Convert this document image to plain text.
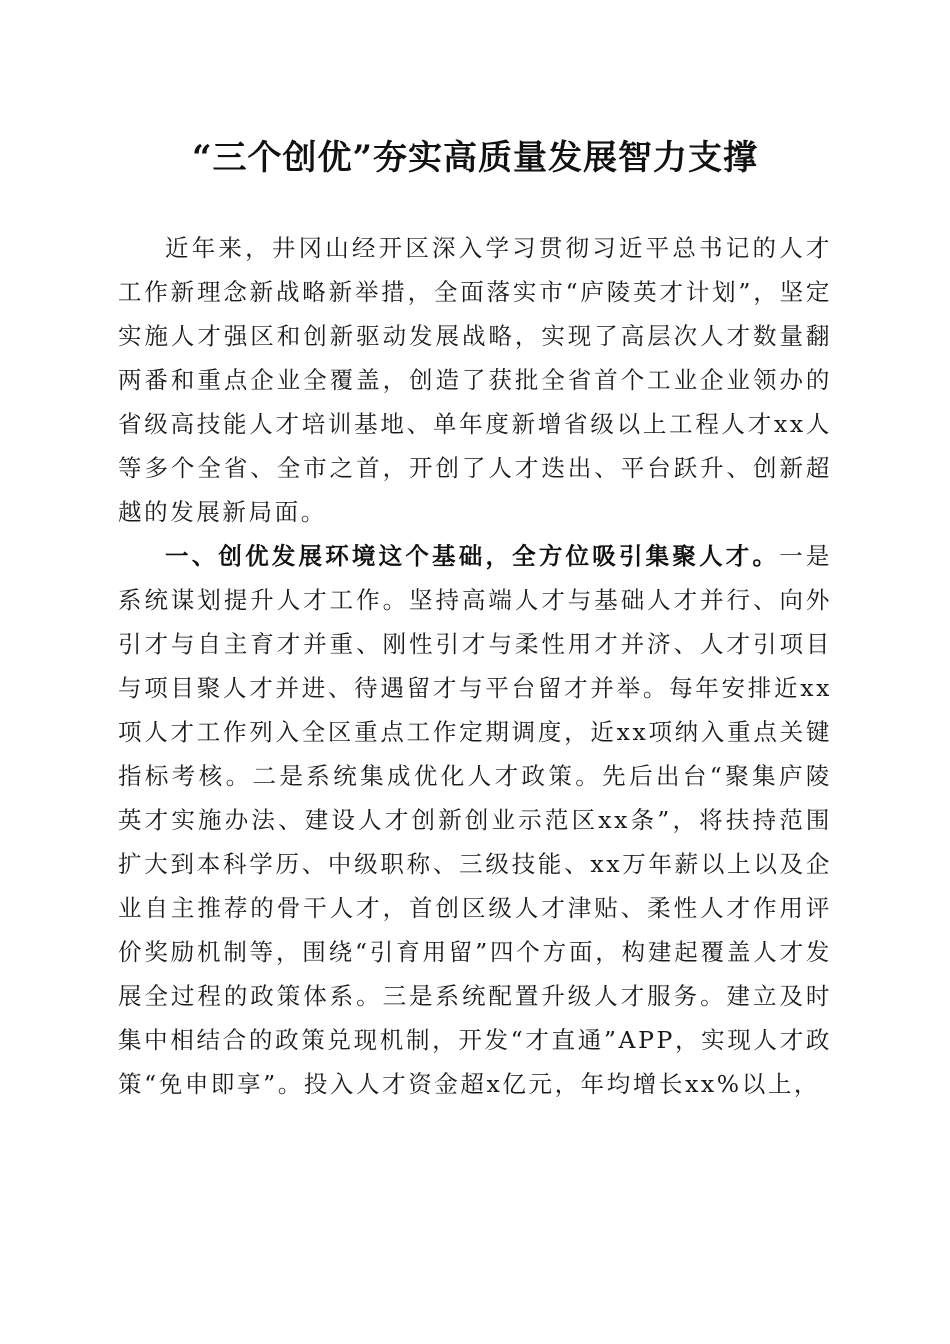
“三个创优”夯实高质量发展智力支撑

近年来，井冈山经开区深入学习贯彻习近平总书记的人才工作新理念新战略新举措，全面落实市“庐陵英才计划”，坚定实施人才强区和创新驱动发展战略，实现了高层次人才数量翻两番和重点企业全覆盖，创造了获批全省首个工业企业领办的省级高技能人才培训基地、单年度新增省级以上工程人才xx人等多个全省、全市之首，开创了人才迭出、平台跃升、创新超越的发展新局面。

一、创优发展环境这个基础，全方位吸引集聚人才。一是系统谋划提升人才工作。坚持高端人才与基础人才并行、向外引才与自主育才并重、刚性引才与柔性用才并济、人才引项目与项目聚人才并进、待遇留才与平台留才并举。每年安排近xx项人才工作列入全区重点工作定期调度，近xx项纳入重点关键指标考核。二是系统集成优化人才政策。先后出台“聚集庐陵英才实施办法、建设人才创新创业示范区xx条”，将扶持范围扩大到本科学历、中级职称、三级技能、xx万年薪以上以及企业自主推荐的骨干人才，首创区级人才津贴、柔性人才作用评价奖励机制等，围绕“引育用留”四个方面，构建起覆盖人才发展全过程的政策体系。三是系统配置升级人才服务。建立及时集中相结合的政策兑现机制，开发“才直通”APP，实现人才政策“免申即享”。投入人才资金超x亿元，年均增长xx%以上，
